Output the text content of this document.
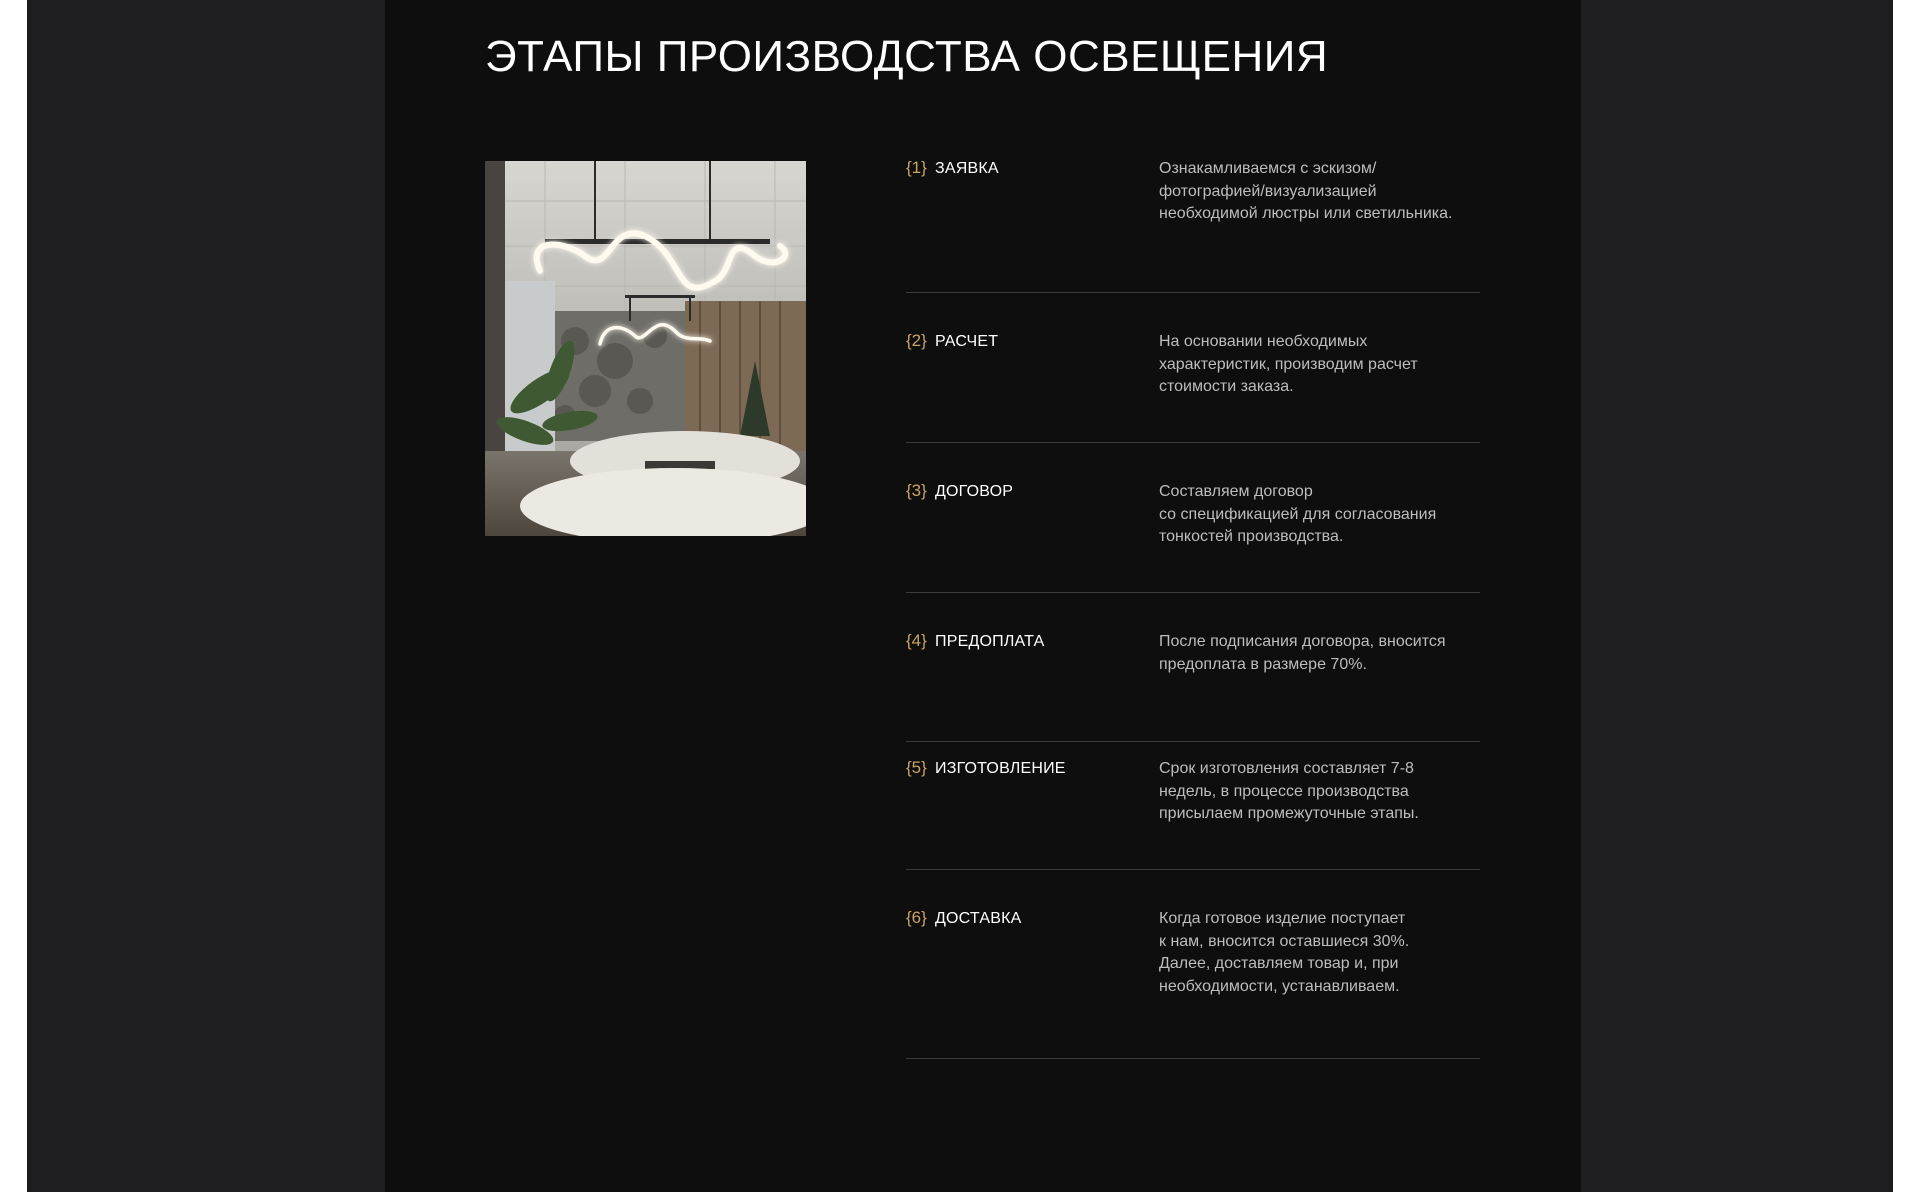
ЭТАПЫ ПРОИЗВОДСТВА ОСВЕЩЕНИЯ
{1} ЗАЯВКА	Ознакамливаемся с эскизом/
фотографией/визуализацией
необходимой люстры или светильника.
{2} РАСЧЕТ	На основании необходимых
характеристик, производим расчет
стоимости заказа.
{3} ДОГОВОР	Составляем договор
со спецификацией для согласования
тонкостей производства.
{4} ПРЕДОПЛАТА	После подписания договора, вносится
предоплата в размере 70%.
{5} ИЗГОТОВЛЕНИЕ	Срок изготовления составляет 7-8
недель, в процессе производства
присылаем промежуточные этапы.
{6} ДОСТАВКА	Когда готовое изделие поступает
к нам, вносится оставшиеся 30%.
Далее, доставляем товар и, при
необходимости, устанавливаем.
